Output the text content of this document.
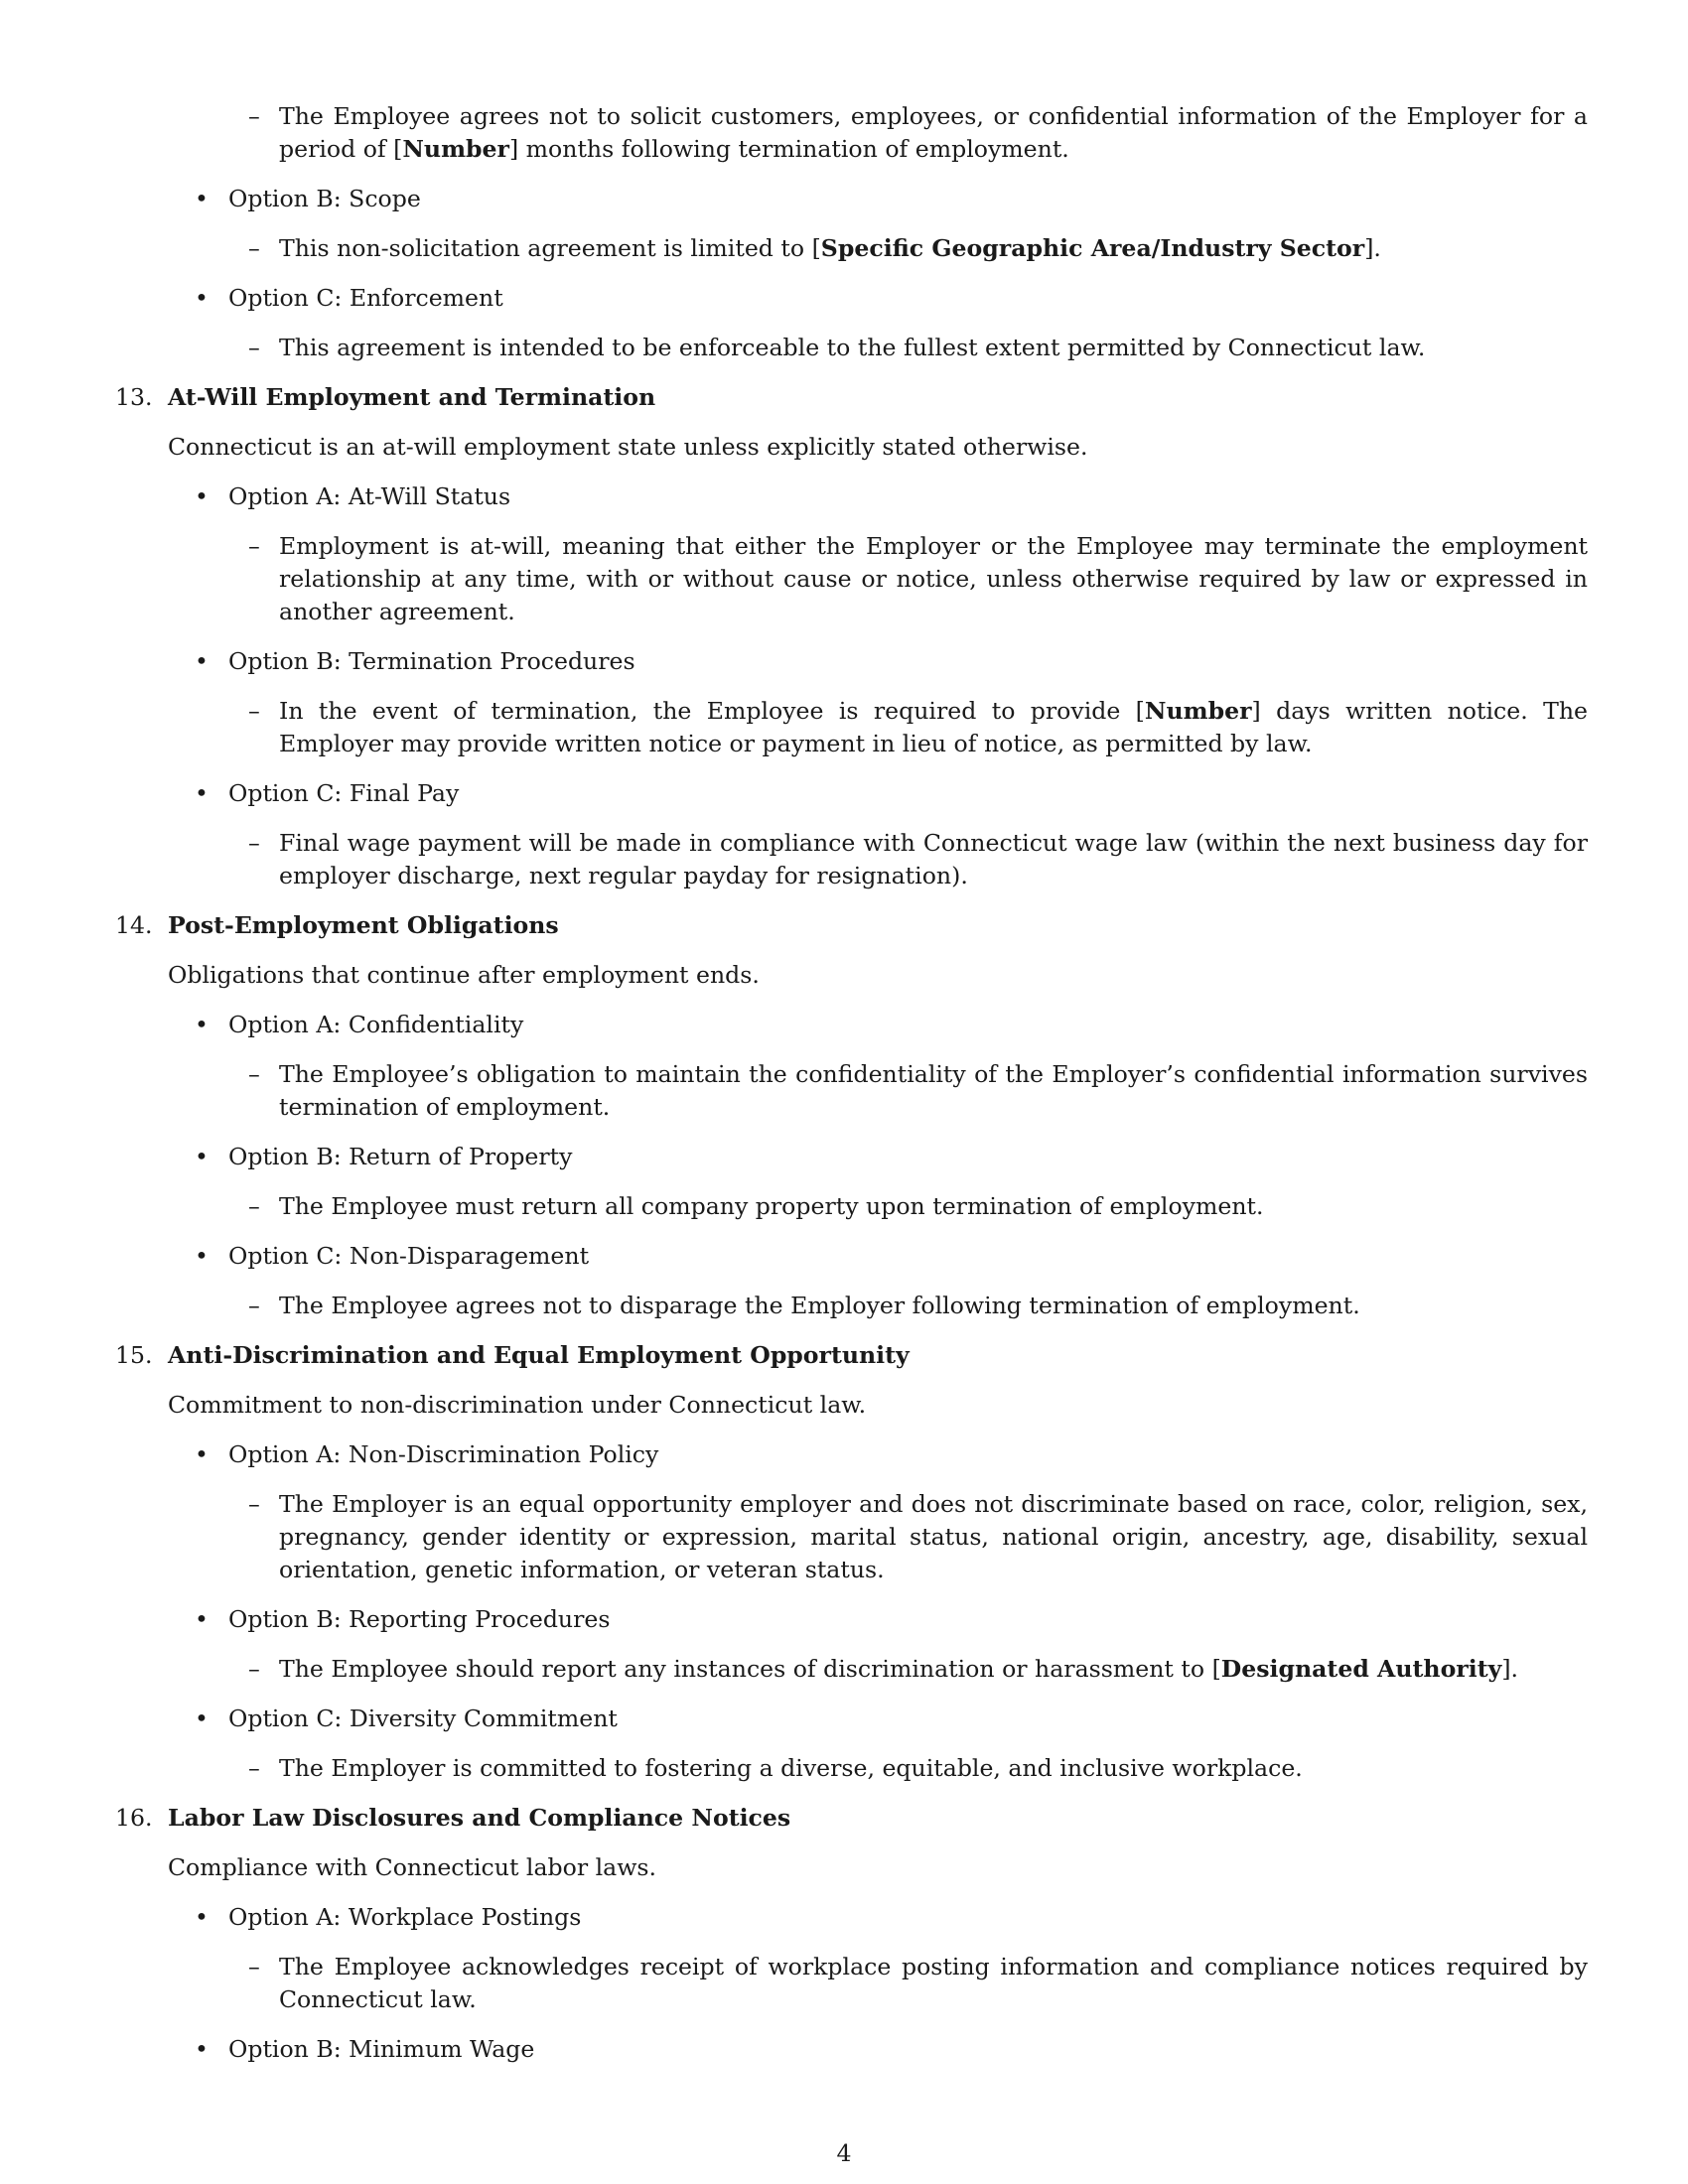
– The Employee agrees not to solicit customers, employees, or confidential information of the Employer for a period of [Number] months following termination of employment.

• Option B: Scope

– This non-solicitation agreement is limited to [Specific Geographic Area/Industry Sector].

• Option C: Enforcement

– This agreement is intended to be enforceable to the fullest extent permitted by Connecticut law.

13. At-Will Employment and Termination

Connecticut is an at-will employment state unless explicitly stated otherwise.

• Option A: At-Will Status

– Employment is at-will, meaning that either the Employer or the Employee may terminate the employment relationship at any time, with or without cause or notice, unless otherwise required by law or expressed in another agreement.

• Option B: Termination Procedures

– In the event of termination, the Employee is required to provide [Number] days written notice. The Employer may provide written notice or payment in lieu of notice, as permitted by law.

• Option C: Final Pay

– Final wage payment will be made in compliance with Connecticut wage law (within the next business day for employer discharge, next regular payday for resignation).

14. Post-Employment Obligations

Obligations that continue after employment ends.

• Option A: Confidentiality

– The Employee’s obligation to maintain the confidentiality of the Employer’s confidential information survives termination of employment.

• Option B: Return of Property

– The Employee must return all company property upon termination of employment.

• Option C: Non-Disparagement

– The Employee agrees not to disparage the Employer following termination of employment.

15. Anti-Discrimination and Equal Employment Opportunity

Commitment to non-discrimination under Connecticut law.

• Option A: Non-Discrimination Policy

– The Employer is an equal opportunity employer and does not discriminate based on race, color, religion, sex, pregnancy, gender identity or expression, marital status, national origin, ancestry, age, disability, sexual orientation, genetic information, or veteran status.

• Option B: Reporting Procedures

– The Employee should report any instances of discrimination or harassment to [Designated Authority].

• Option C: Diversity Commitment

– The Employer is committed to fostering a diverse, equitable, and inclusive workplace.

16. Labor Law Disclosures and Compliance Notices

Compliance with Connecticut labor laws.

• Option A: Workplace Postings

– The Employee acknowledges receipt of workplace posting information and compliance notices required by Connecticut law.

• Option B: Minimum Wage

4
